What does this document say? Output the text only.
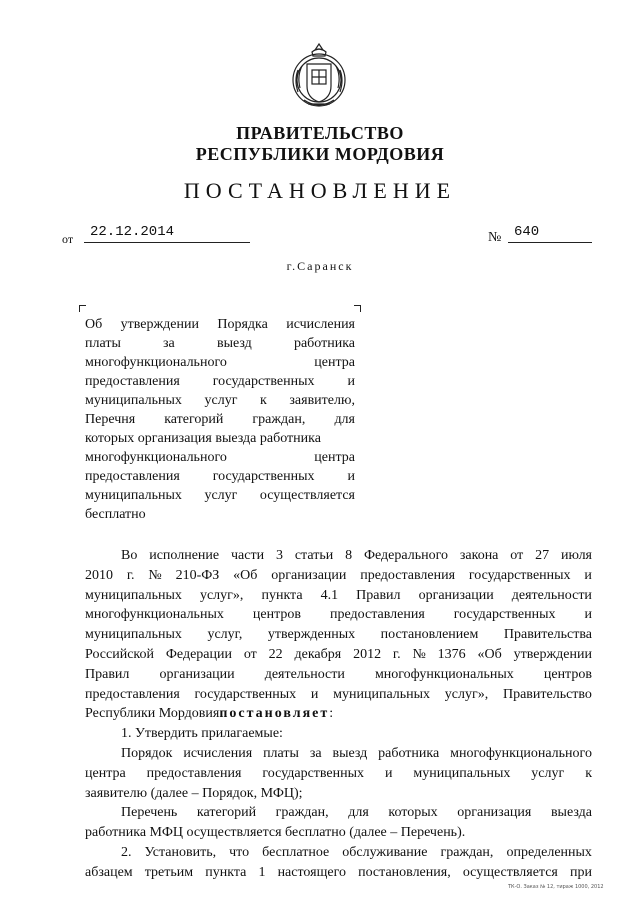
ПРАВИТЕЛЬСТВО
РЕСПУБЛИКИ МОРДОВИЯ
ПОСТАНОВЛЕНИЕ
от	22.12.2014	№ 640
г.Саранск
Об утверждении Порядка исчисления
платы	за	выезд	работника
многофункционального	центра
предоставления государственных и
муниципальных услуг к заявителю,
Перечня категорий граждан, для
которых организация выезда работника
многофункционального	центра
предоставления государственных и
муниципальных услуг осуществляется
бесплатно
Во исполнение части 3 статьи 8 Федерального закона от 27 июля
2010 г. № 210-ФЗ «Об организации предоставления государственных и
муниципальных услуг», пункта 4.1 Правил организации деятельности
многофункциональных центров предоставления государственных и
муниципальных услуг, утвержденных постановлением Правительства
Российской Федерации от 22 декабря 2012 г. № 1376 «Об утверждении
Правил организации деятельности многофункциональных центров
предоставления государственных и муниципальных услуг», Правительство
Республики Мордовия постановляет :
1. Утвердить прилагаемые:
Порядок исчисления платы за выезд работника многофункционального
центра предоставления государственных и муниципальных услуг к
заявителю (далее – Порядок, МФЦ);
Перечень категорий граждан, для которых организация выезда
работника МФЦ осуществляется бесплатно (далее – Перечень).
2. Установить, что бесплатное обслуживание граждан, определенных
абзацем третьим пункта 1 настоящего постановления, осуществляется при
ТК-О. Заказ № 12, тираж 1000, 2012
